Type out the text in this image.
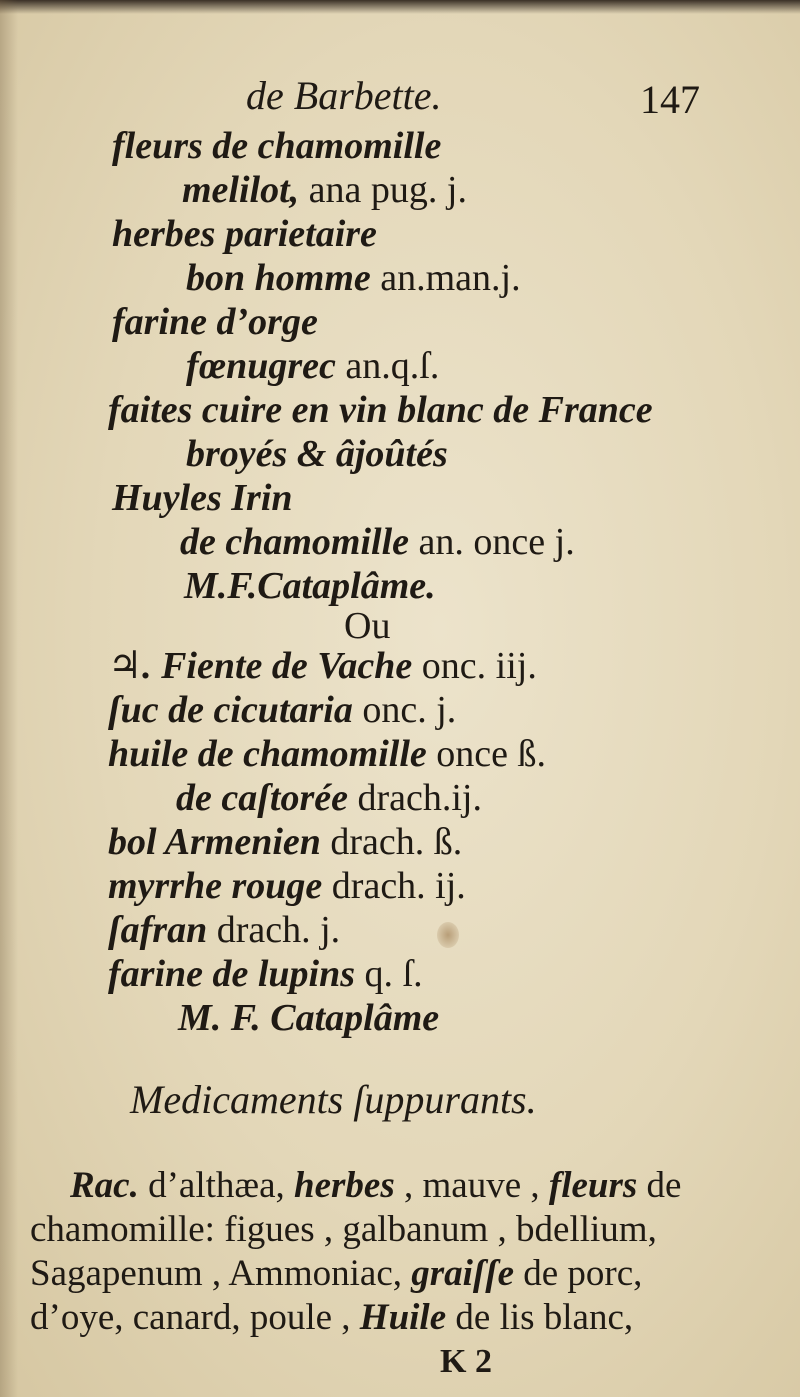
de Barbette.	147
fleurs de chamomille
melilot, ana pug. j.
herbes parietaire
bon homme an.man.j.
farine d’orge
fœnugrec an.q.ſ.
faites cuire en vin blanc de France
broyés & âjoûtés
Huyles Irin
de chamomille an. once j.
M.F.Cataplâme.
Ou
♃. Fiente de Vache onc. iij.
ſuc de cicutaria onc. j.
huile de chamomille once ß.
de caſtorée drach.ij.
bol Armenien drach. ß.
myrrhe rouge drach. ij.
ſafran drach. j.
farine de lupins q. ſ.
M. F. Cataplâme
Medicaments ſuppurants.
Rac. d’althæa, herbes , mauve , fleurs de
chamomille: figues , galbanum , bdellium,
Sagapenum , Ammoniac, graiſſe de porc,
d’oye, canard, poule , Huile de lis blanc,
K 2
